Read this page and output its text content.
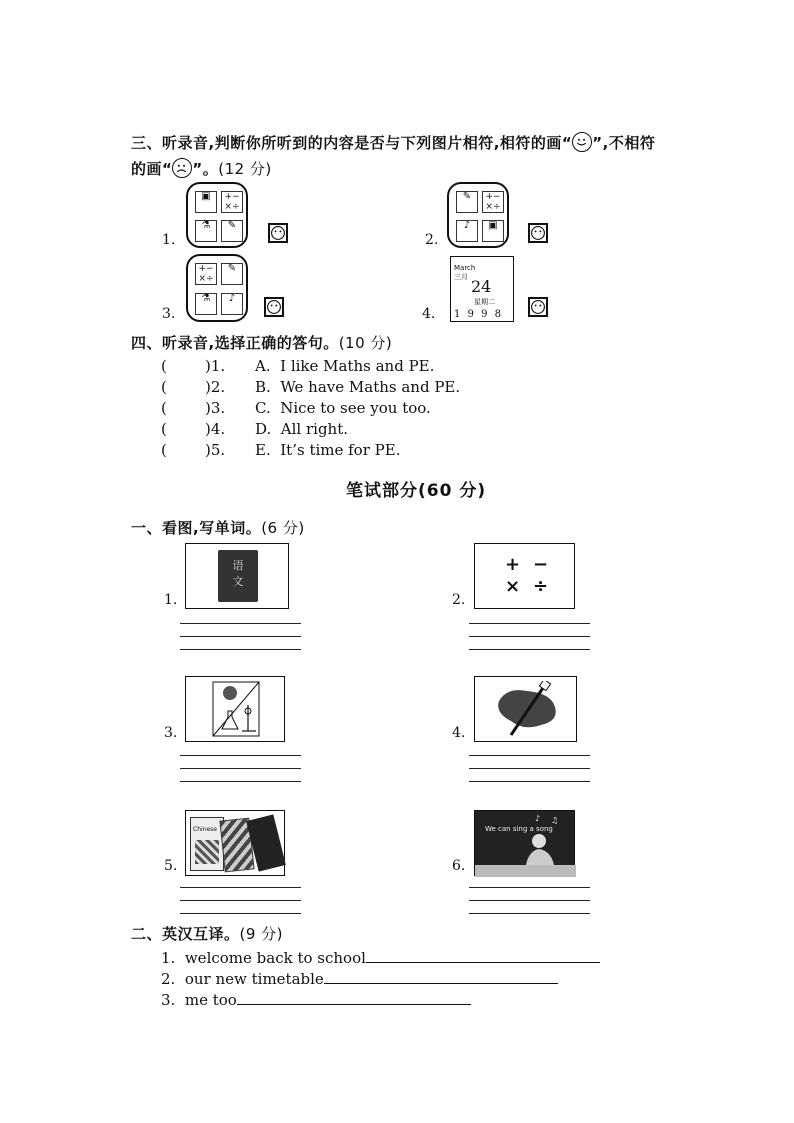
三、听录音,判断你所听到的内容是否与下列图片相符,相符的画“ ”,不相符
的画“ ”。(12 分)
1.
▣	+−
×÷
⚗	✎
2.
✎	+−
×÷
♪	▣
3.
+−
×÷
✎
⚗	♪
4.
March
三月 24
星期二
1 9 9 8
四、听录音,选择正确的答句。(10 分)
(        )1. A.  I like Maths and PE.
(        )2. B.  We have Maths and PE.
(        )3. C.  Nice to see you too.
(        )4. D.  All right.
(        )5. E.  It’s time for PE.
笔试部分(60 分)
一、看图,写单词。(6 分)
1.
语
文
2.
+ −
× ÷
3.	4.
5.
Chinese
6.
We can sing a song
♪ ♫
二、英汉互译。(9 分)
1.  welcome back to school
2.  our new timetable
3.  me too
